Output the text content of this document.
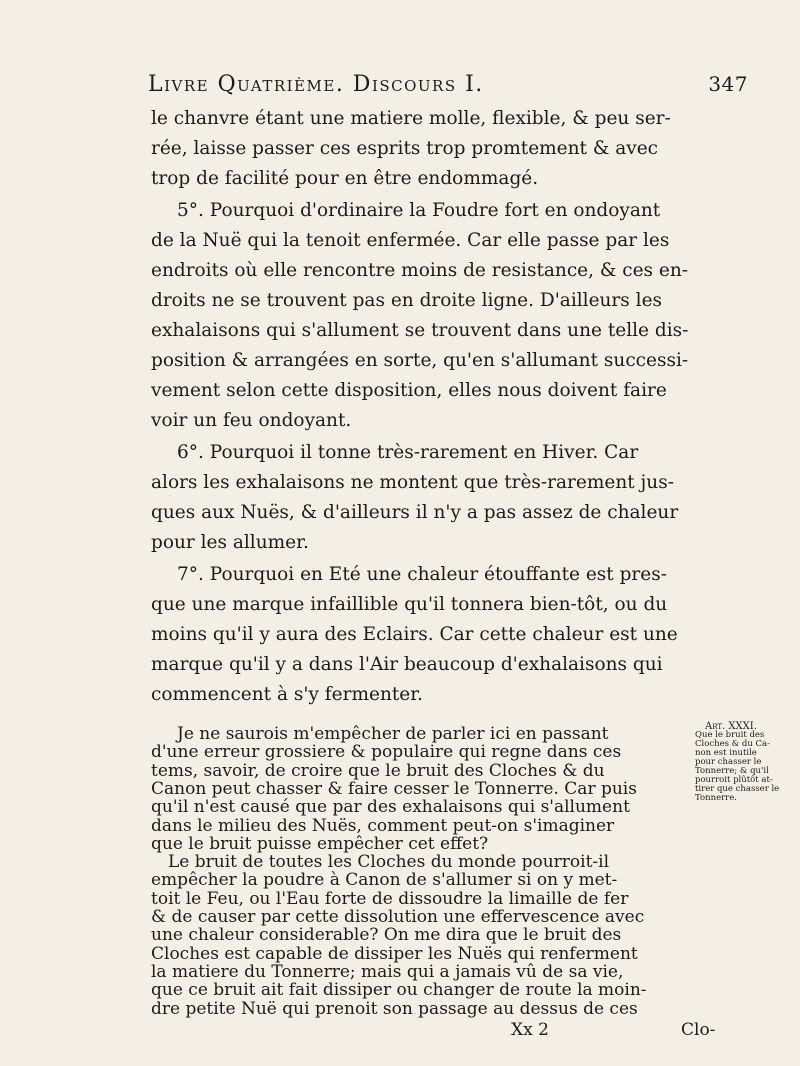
Livre Quatrième. Discours I.	347
le chanvre étant une matiere molle, flexible, & peu ser-
rée, laisse passer ces esprits trop promtement & avec
trop de facilité pour en être endommagé.
5°. Pourquoi d'ordinaire la Foudre fort en ondoyant
de la Nuë qui la tenoit enfermée. Car elle passe par les
endroits où elle rencontre moins de resistance, & ces en-
droits ne se trouvent pas en droite ligne. D'ailleurs les
exhalaisons qui s'allument se trouvent dans une telle dis-
position & arrangées en sorte, qu'en s'allumant successi-
vement selon cette disposition, elles nous doivent faire
voir un feu ondoyant.
6°. Pourquoi il tonne très-rarement en Hiver. Car
alors les exhalaisons ne montent que très-rarement jus-
ques aux Nuës, & d'ailleurs il n'y a pas assez de chaleur
pour les allumer.
7°. Pourquoi en Eté une chaleur étouffante est pres-
que une marque infaillible qu'il tonnera bien-tôt, ou du
moins qu'il y aura des Eclairs. Car cette chaleur est une
marque qu'il y a dans l'Air beaucoup d'exhalaisons qui
commencent à s'y fermenter.
Je ne saurois m'empêcher de parler ici en passant
d'une erreur grossiere & populaire qui regne dans ces
tems, savoir, de croire que le bruit des Cloches & du
Canon peut chasser & faire cesser le Tonnerre. Car puis
qu'il n'est causé que par des exhalaisons qui s'allument
dans le milieu des Nuës, comment peut-on s'imaginer
que le bruit puisse empêcher cet effet?
Le bruit de toutes les Cloches du monde pourroit-il
empêcher la poudre à Canon de s'allumer si on y met-
toit le Feu, ou l'Eau forte de dissoudre la limaille de fer
& de causer par cette dissolution une effervescence avec
une chaleur considerable? On me dira que le bruit des
Cloches est capable de dissiper les Nuës qui renferment
la matiere du Tonnerre; mais qui a jamais vû de sa vie,
que ce bruit ait fait dissiper ou changer de route la moin-
dre petite Nuë qui prenoit son passage au dessus de ces
Art. XXXI.
Que le bruit des
Cloches & du Ca-
non est inutile
pour chasser le
Tonnerre; & qu'il
pourroit plûtôt at-
tirer que chasser le
Tonnerre.
Xx 2	Clo-
